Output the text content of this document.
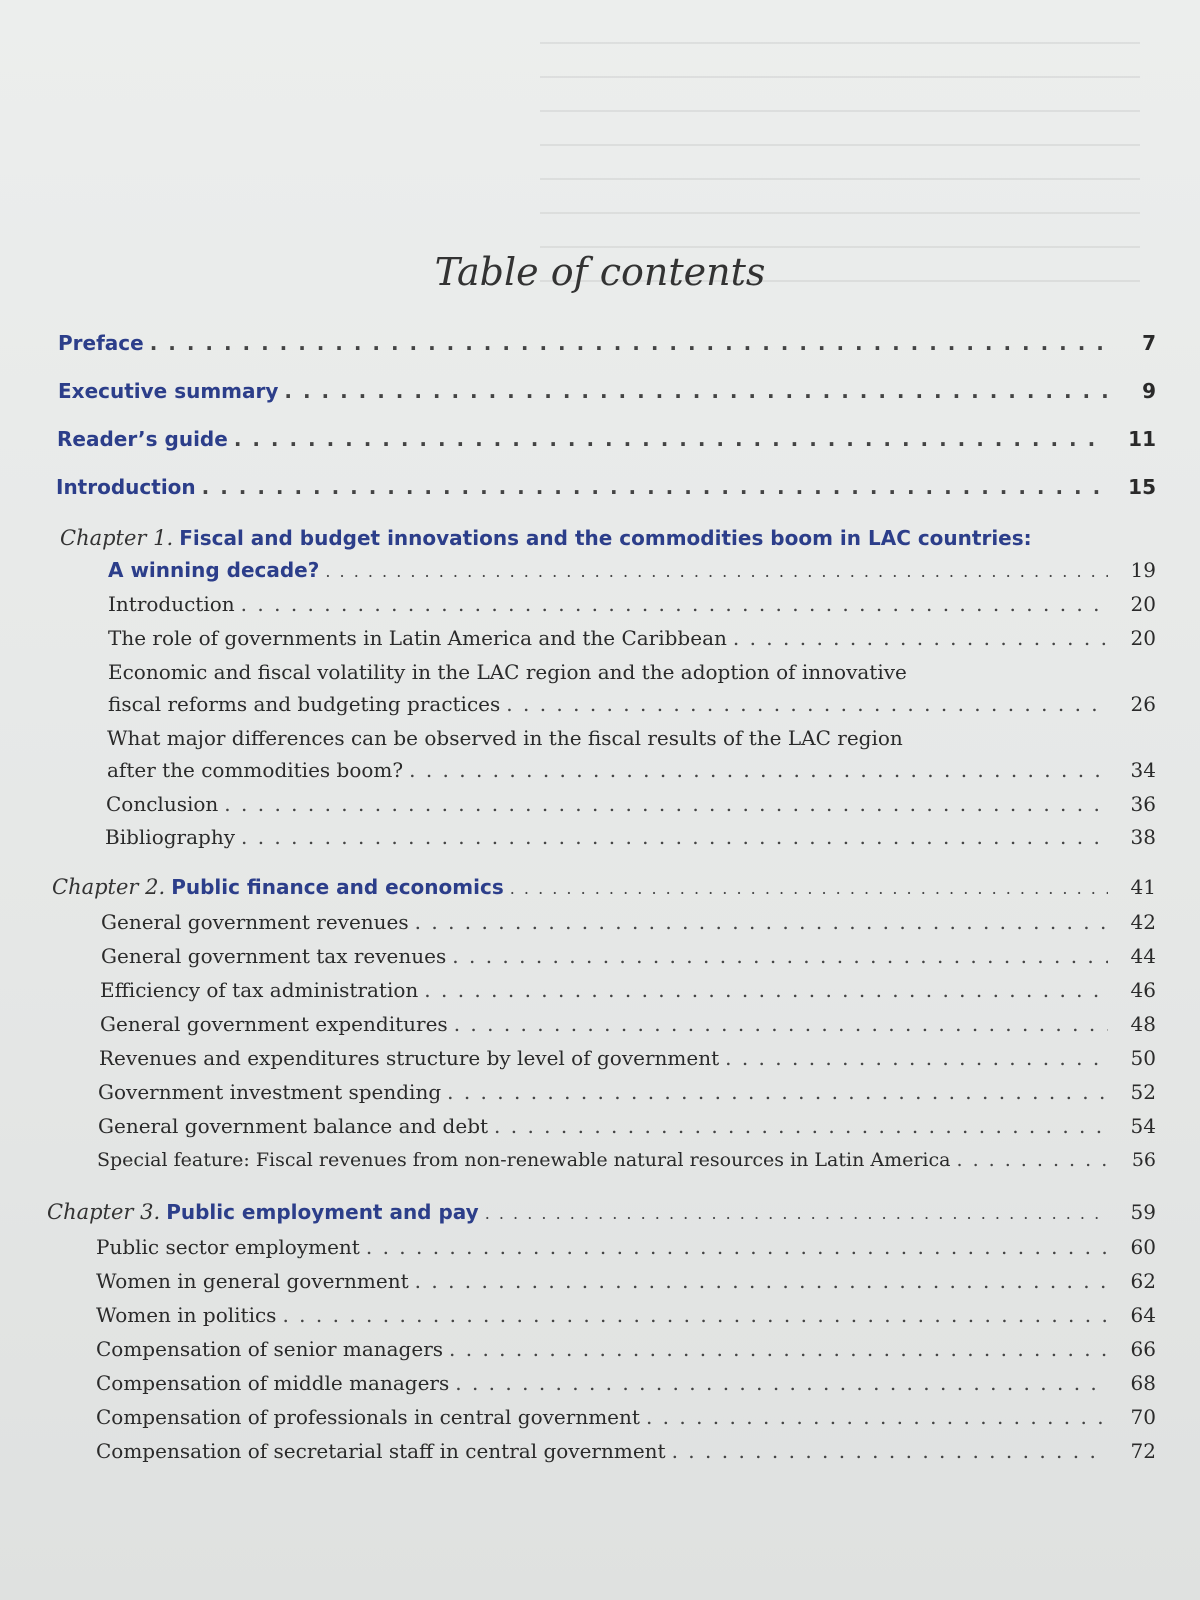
Table of contents
Preface . . .	7
Executive summary . . .	9
Reader’s guide . . .	11
Introduction . . .	15
Chapter 1. Fiscal and budget innovations and the commodities boom in LAC countries:
A winning decade? . . .	19
Introduction . . .	20
The role of governments in Latin America and the Caribbean . . .	20
Economic and fiscal volatility in the LAC region and the adoption of innovative
fiscal reforms and budgeting practices . . .	26
What major differences can be observed in the fiscal results of the LAC region
after the commodities boom? . . .	34
Conclusion . . .	36
Bibliography . . .	38
Chapter 2. Public finance and economics . . .	41
General government revenues . . .	42
General government tax revenues . . .	44
Efficiency of tax administration . . .	46
General government expenditures . . .	48
Revenues and expenditures structure by level of government . . .	50
Government investment spending . . .	52
General government balance and debt . . .	54
Special feature: Fiscal revenues from non-renewable natural resources in Latin America . . .	56
Chapter 3. Public employment and pay . . .	59
Public sector employment . . .	60
Women in general government . . .	62
Women in politics . . .	64
Compensation of senior managers . . .	66
Compensation of middle managers . . .	68
Compensation of professionals in central government . . .	70
Compensation of secretarial staff in central government . . .	72
